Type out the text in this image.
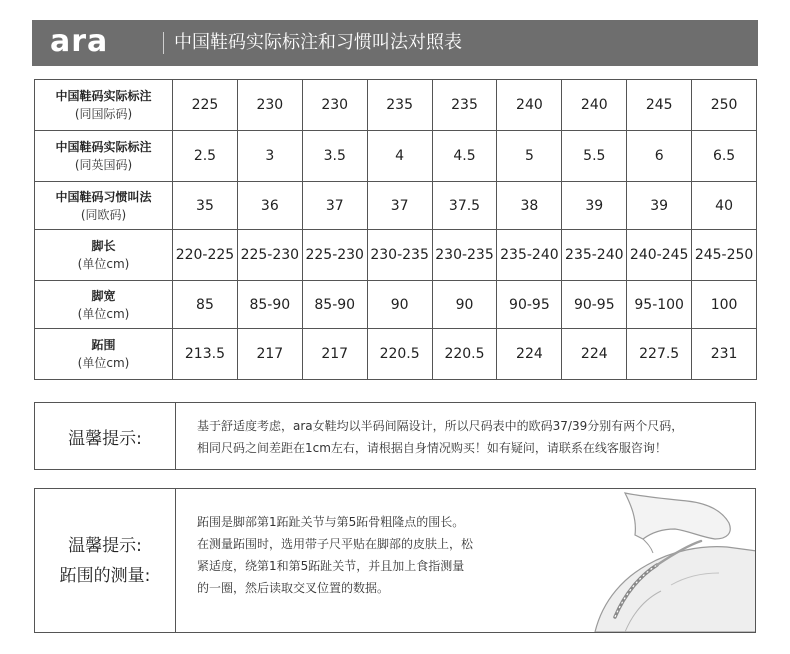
ara	中国鞋码实际标注和习惯叫法对照表
中国鞋码实际标注
(同国际码)	225	230	230	235	235	240	240	245	250

中国鞋码实际标注
(同英国码)	2.5	3	3.5	4	4.5	5	5.5	6	6.5

中国鞋码习惯叫法
(同欧码)	35	36	37	37	37.5	38	39	39	40

脚长
(单位cm)	220-225	225-230	225-230	230-235	230-235	235-240	235-240	240-245	245-250

脚宽
(单位cm)	85	85-90	85-90	90	90	90-95	90-95	95-100	100

跖围
(单位cm)	213.5	217	217	220.5	220.5	224	224	227.5	231
温馨提示:
基于舒适度考虑，ara女鞋均以半码间隔设计，所以尺码表中的欧码37/39分别有两个尺码，
相同尺码之间差距在1cm左右，请根据自身情况购买！如有疑问，请联系在线客服咨询！
温馨提示:
跖围的测量:
跖围是脚部第1跖趾关节与第5跖骨粗隆点的围长。
在测量跖围时，选用带子尺平贴在脚部的皮肤上，松
紧适度，绕第1和第5跖趾关节，并且加上食指测量
的一圈，然后读取交叉位置的数据。
